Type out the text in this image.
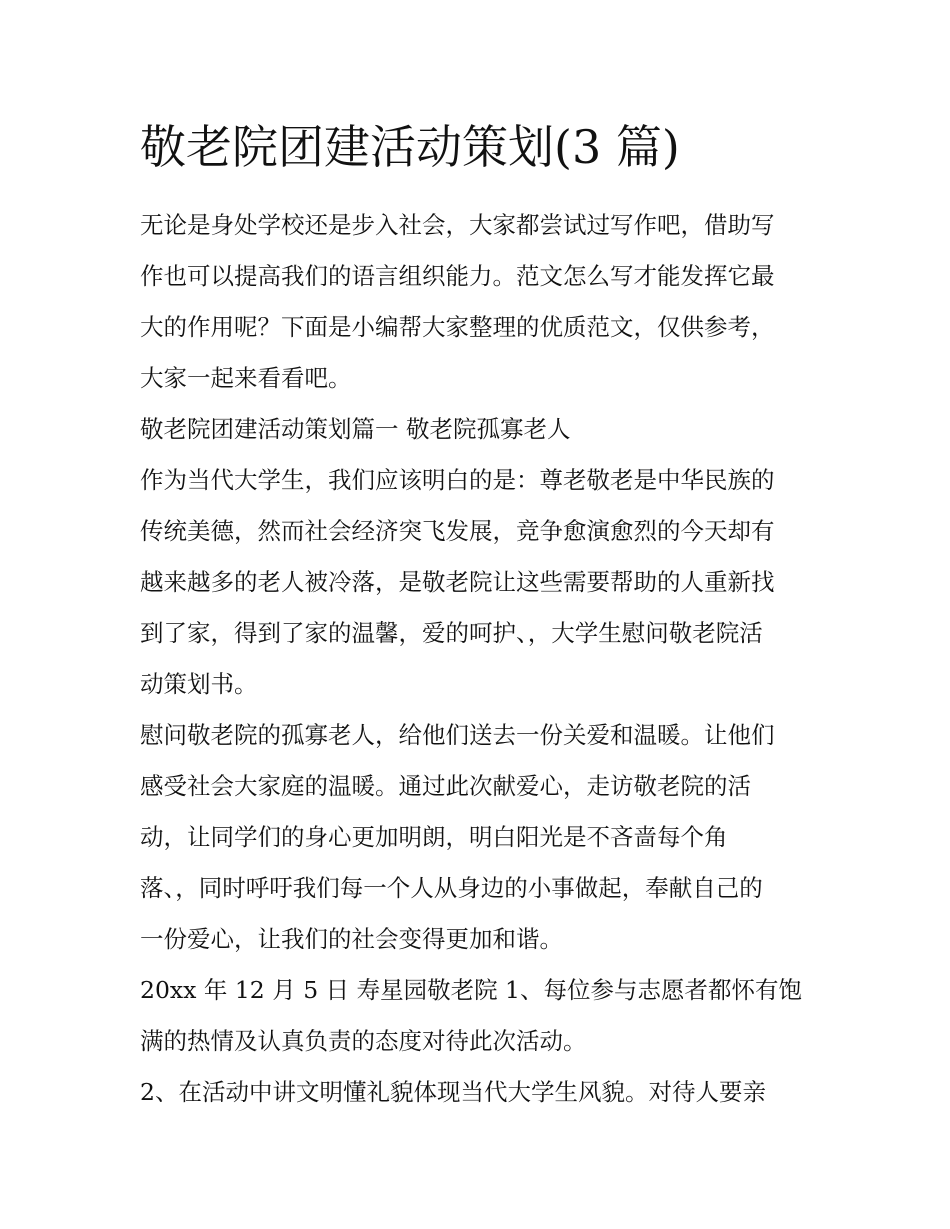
敬老院团建活动策划(3 篇)
无论是身处学校还是步入社会，大家都尝试过写作吧，借助写
作也可以提高我们的语言组织能力。范文怎么写才能发挥它最
大的作用呢？下面是小编帮大家整理的优质范文，仅供参考，
大家一起来看看吧。
敬老院团建活动策划篇一 敬老院孤寡老人
作为当代大学生，我们应该明白的是：尊老敬老是中华民族的
传统美德，然而社会经济突飞发展，竞争愈演愈烈的今天却有
越来越多的老人被冷落，是敬老院让这些需要帮助的人重新找
到了家，得到了家的温馨，爱的呵护、，大学生慰问敬老院活
动策划书。
慰问敬老院的孤寡老人，给他们送去一份关爱和温暖。让他们
感受社会大家庭的温暖。通过此次献爱心，走访敬老院的活
动，让同学们的身心更加明朗，明白阳光是不吝啬每个角
落、，同时呼吁我们每一个人从身边的小事做起，奉献自己的
一份爱心，让我们的社会变得更加和谐。
20xx 年 12 月 5 日 寿星园敬老院 1、每位参与志愿者都怀有饱
满的热情及认真负责的态度对待此次活动。
2、在活动中讲文明懂礼貌体现当代大学生风貌。对待人要亲
